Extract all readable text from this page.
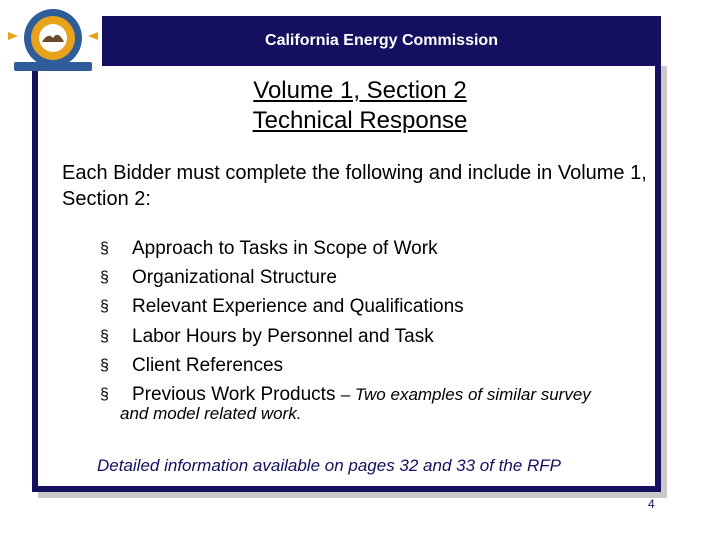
California Energy Commission
Volume 1, Section 2
Technical Response
Each Bidder must complete the following and include in Volume 1, Section 2:
§ Approach to Tasks in Scope of Work
§ Organizational Structure
§ Relevant Experience and Qualifications
§ Labor Hours by Personnel and Task
§ Client References
§ Previous Work Products – Two examples of similar survey
and model related work.
Detailed information available on pages 32 and 33 of the RFP
4
